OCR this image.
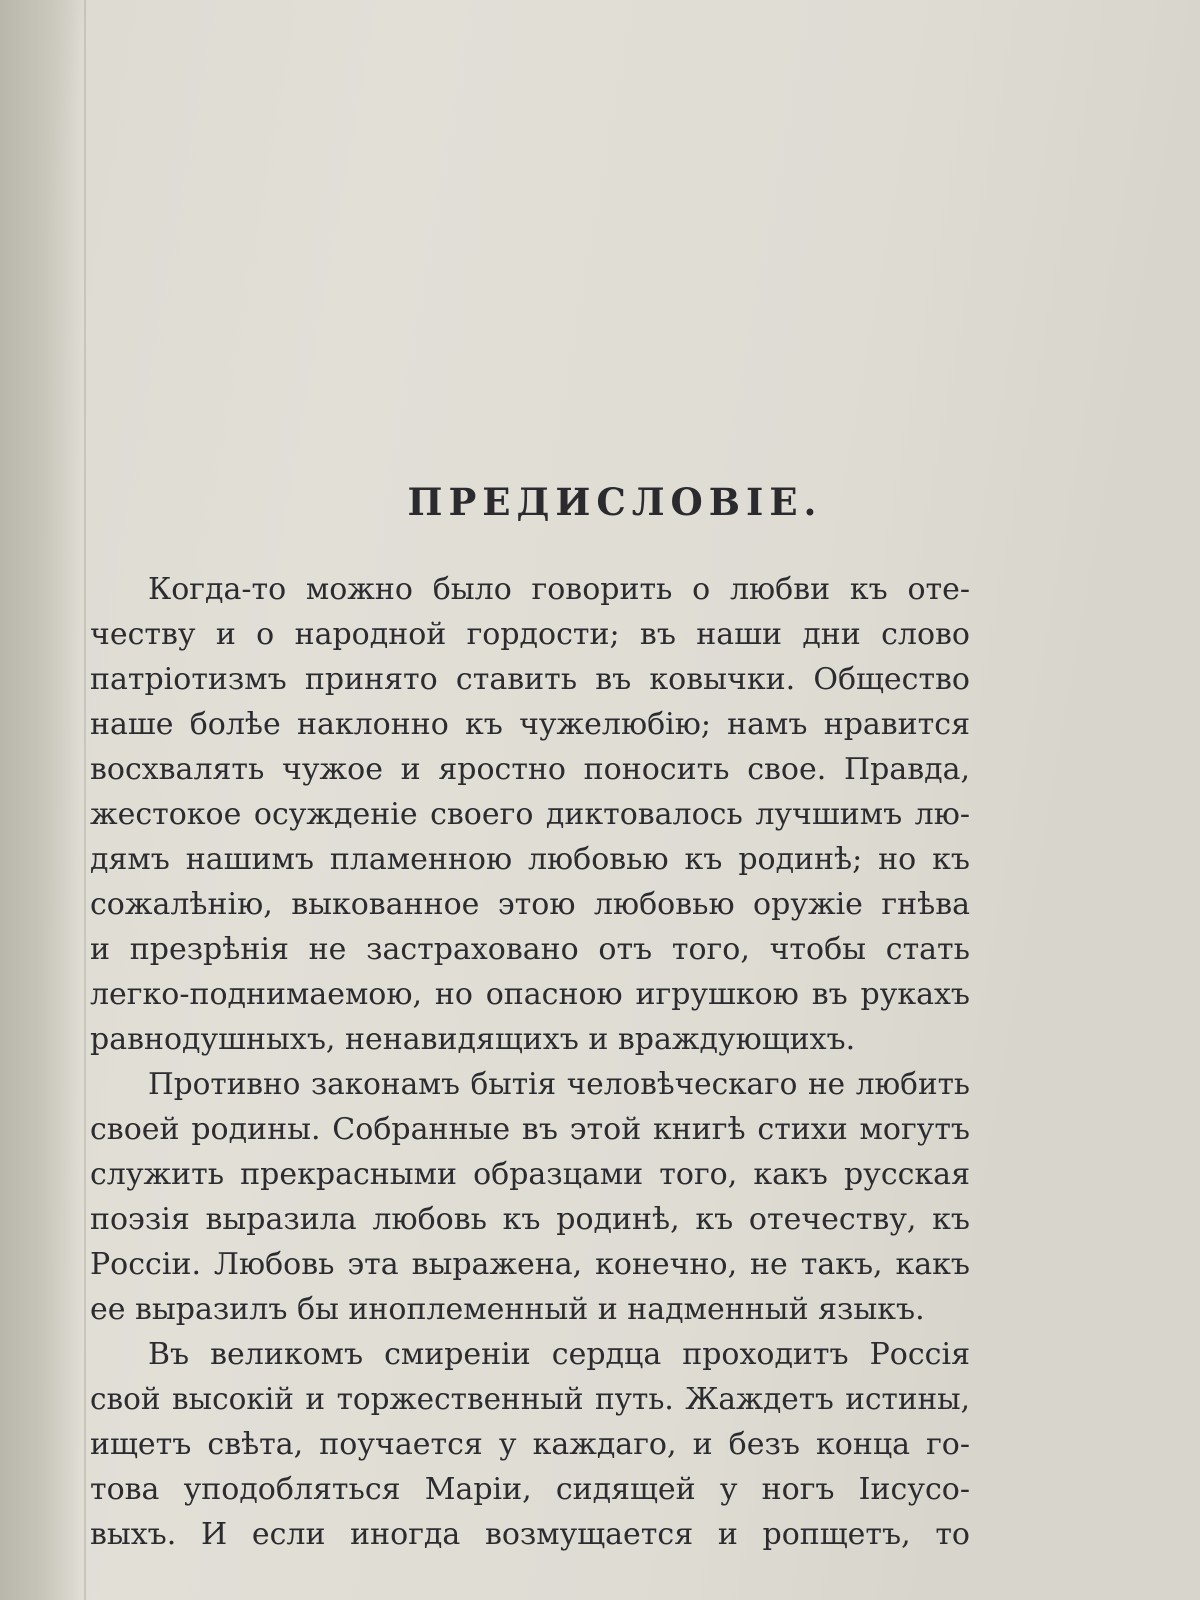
ПРЕДИСЛОВІЕ.
Когда-то можно было говорить о любви къ оте-
честву и о народной гордости; въ наши дни слово
патріотизмъ принято ставить въ ковычки. Общество
наше болѣе наклонно къ чужелюбію; намъ нравится
восхвалять чужое и яростно поносить свое. Правда,
жестокое осужденіе своего диктовалось лучшимъ лю-
дямъ нашимъ пламенною любовью къ родинѣ; но къ
сожалѣнію, выкованное этою любовью оружіе гнѣва
и презрѣнія не застраховано отъ того, чтобы стать
легко-поднимаемою, но опасною игрушкою въ рукахъ
равнодушныхъ, ненавидящихъ и враждующихъ.
Противно законамъ бытія человѣческаго не любить
своей родины. Собранные въ этой книгѣ стихи могутъ
служить прекрасными образцами того, какъ русская
поэзія выразила любовь къ родинѣ, къ отечеству, къ
Россіи. Любовь эта выражена, конечно, не такъ, какъ
ее выразилъ бы иноплеменный и надменный языкъ.
Въ великомъ смиреніи сердца проходитъ Россія
свой высокій и торжественный путь. Жаждетъ истины,
ищетъ свѣта, поучается у каждаго, и безъ конца го-
това уподобляться Маріи, сидящей у ногъ Іисусо-
выхъ. И если иногда возмущается и ропщетъ, то
